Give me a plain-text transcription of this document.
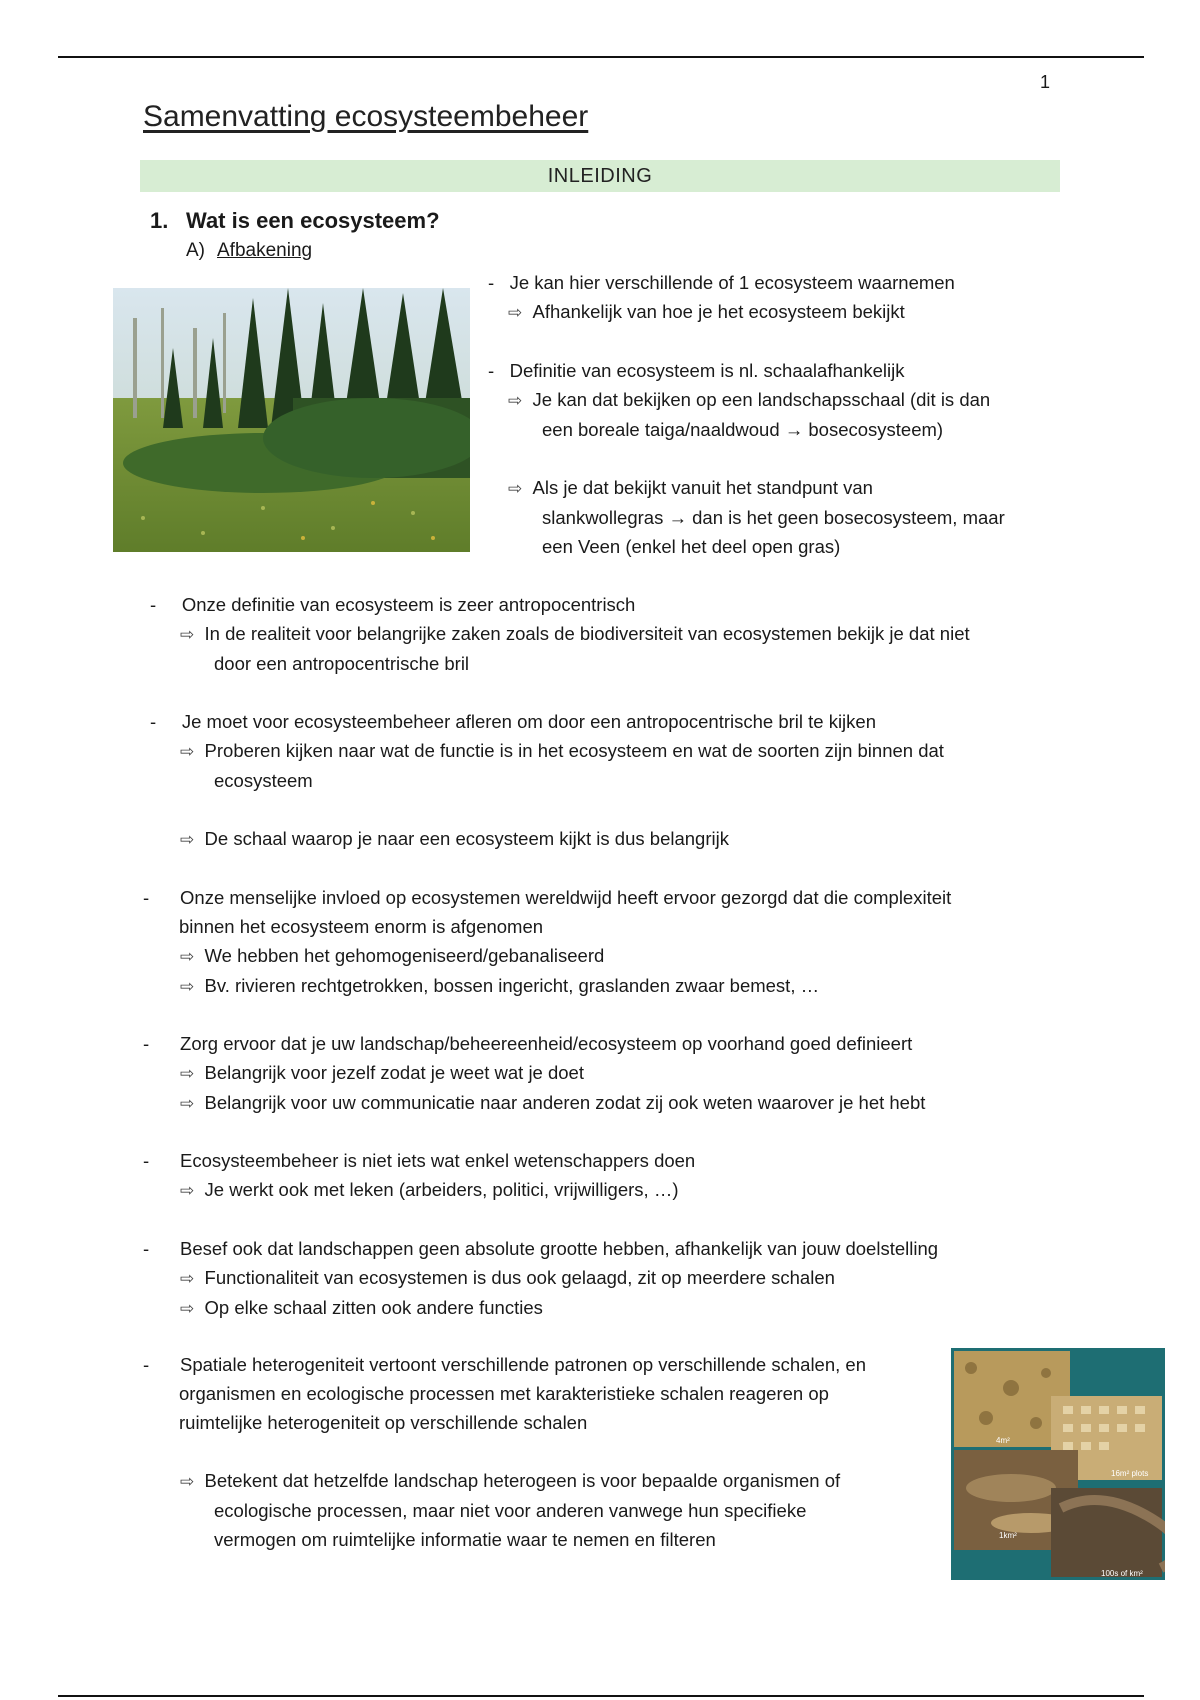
1
Samenvatting ecosysteembeheer
INLEIDING
1. Wat is een ecosysteem?
A) Afbakening
- Je kan hier verschillende of 1 ecosysteem waarnemen
⇨ Afhankelijk van hoe je het ecosysteem bekijkt
- Definitie van ecosysteem is nl. schaalafhankelijk
⇨ Je kan dat bekijken op een landschapsschaal (dit is dan
een boreale taiga/naaldwoud → bosecosysteem)
⇨ Als je dat bekijkt vanuit het standpunt van
slankwollegras → dan is het geen bosecosysteem, maar
een Veen (enkel het deel open gras)
- Onze definitie van ecosysteem is zeer antropocentrisch
⇨ In de realiteit voor belangrijke zaken zoals de biodiversiteit van ecosystemen bekijk je dat niet
door een antropocentrische bril
- Je moet voor ecosysteembeheer afleren om door een antropocentrische bril te kijken
⇨ Proberen kijken naar wat de functie is in het ecosysteem en wat de soorten zijn binnen dat
ecosysteem
⇨ De schaal waarop je naar een ecosysteem kijkt is dus belangrijk
- Onze menselijke invloed op ecosystemen wereldwijd heeft ervoor gezorgd dat die complexiteit
binnen het ecosysteem enorm is afgenomen
⇨ We hebben het gehomogeniseerd/gebanaliseerd
⇨ Bv. rivieren rechtgetrokken, bossen ingericht, graslanden zwaar bemest, …
- Zorg ervoor dat je uw landschap/beheereenheid/ecosysteem op voorhand goed definieert
⇨ Belangrijk voor jezelf zodat je weet wat je doet
⇨ Belangrijk voor uw communicatie naar anderen zodat zij ook weten waarover je het hebt
- Ecosysteembeheer is niet iets wat enkel wetenschappers doen
⇨ Je werkt ook met leken (arbeiders, politici, vrijwilligers, …)
- Besef ook dat landschappen geen absolute grootte hebben, afhankelijk van jouw doelstelling
⇨ Functionaliteit van ecosystemen is dus ook gelaagd, zit op meerdere schalen
⇨ Op elke schaal zitten ook andere functies
- Spatiale heterogeniteit vertoont verschillende patronen op verschillende schalen, en
organismen en ecologische processen met karakteristieke schalen reageren op
ruimtelijke heterogeniteit op verschillende schalen
⇨ Betekent dat hetzelfde landschap heterogeen is voor bepaalde organismen of
ecologische processen, maar niet voor anderen vanwege hun specifieke
vermogen om ruimtelijke informatie waar te nemen en filteren
4m²
16m² plots
1km²
100s of km²
